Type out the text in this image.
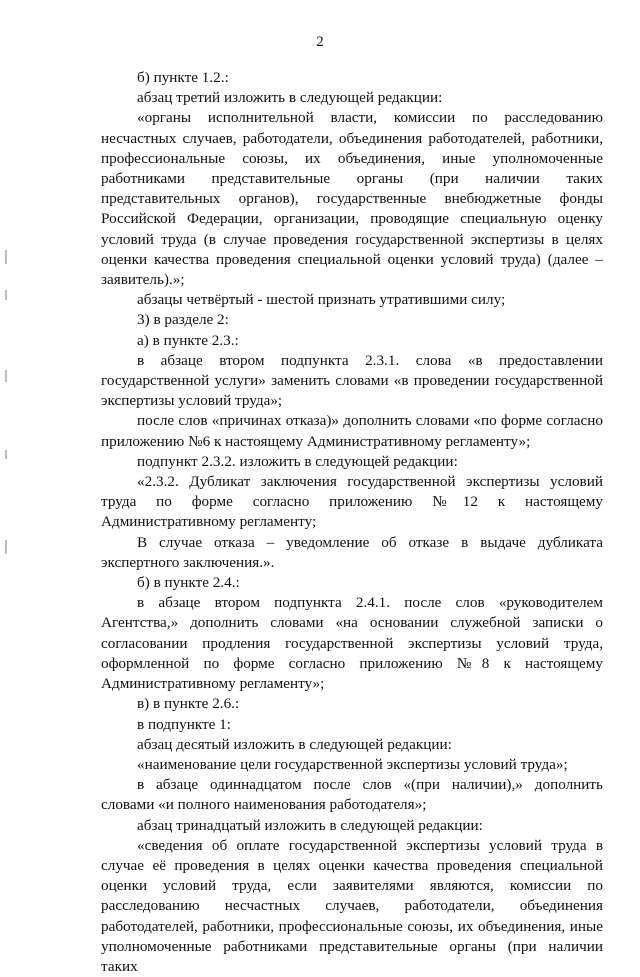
2

б) пункте 1.2.:

абзац третий изложить в следующей редакции:

«органы исполнительной власти, комиссии по расследованию несчастных случаев, работодатели, объединения работодателей, работники, профессиональные союзы, их объединения, иные уполномоченные работниками представительные органы (при наличии таких представительных органов), государственные внебюджетные фонды Российской Федерации, организации, проводящие специальную оценку условий труда (в случае проведения государственной экспертизы в целях оценки качества проведения специальной оценки условий труда) (далее – заявитель).»;

абзацы четвёртый - шестой признать утратившими силу;

3) в разделе 2:

а) в пункте 2.3.:

в абзаце втором подпункта 2.3.1. слова «в предоставлении государственной услуги» заменить словами «в проведении государственной экспертизы условий труда»;

после слов «причинах отказа)» дополнить словами «по форме согласно приложению №6 к настоящему Административному регламенту»;

подпункт 2.3.2. изложить в следующей редакции:

«2.3.2. Дубликат заключения государственной экспертизы условий труда по форме согласно приложению №12 к настоящему Административному регламенту;

В случае отказа – уведомление об отказе в выдаче дубликата экспертного заключения.».

б) в пункте 2.4.:

в абзаце втором подпункта 2.4.1. после слов «руководителем Агентства,» дополнить словами «на основании служебной записки о согласовании продления государственной экспертизы условий труда, оформленной по форме согласно приложению №8 к настоящему Административному регламенту»;

в) в пункте 2.6.:

в подпункте 1:

абзац десятый изложить в следующей редакции:

«наименование цели государственной экспертизы условий труда»;

в абзаце одиннадцатом после слов «(при наличии),» дополнить словами «и полного наименования работодателя»;

абзац тринадцатый изложить в следующей редакции:

«сведения об оплате государственной экспертизы условий труда в случае её проведения в целях оценки качества проведения специальной оценки условий труда, если заявителями являются, комиссии по расследованию несчастных случаев, работодатели, объединения работодателей, работники, профессиональные союзы, их объединения, иные уполномоченные работниками представительные органы (при наличии таких
